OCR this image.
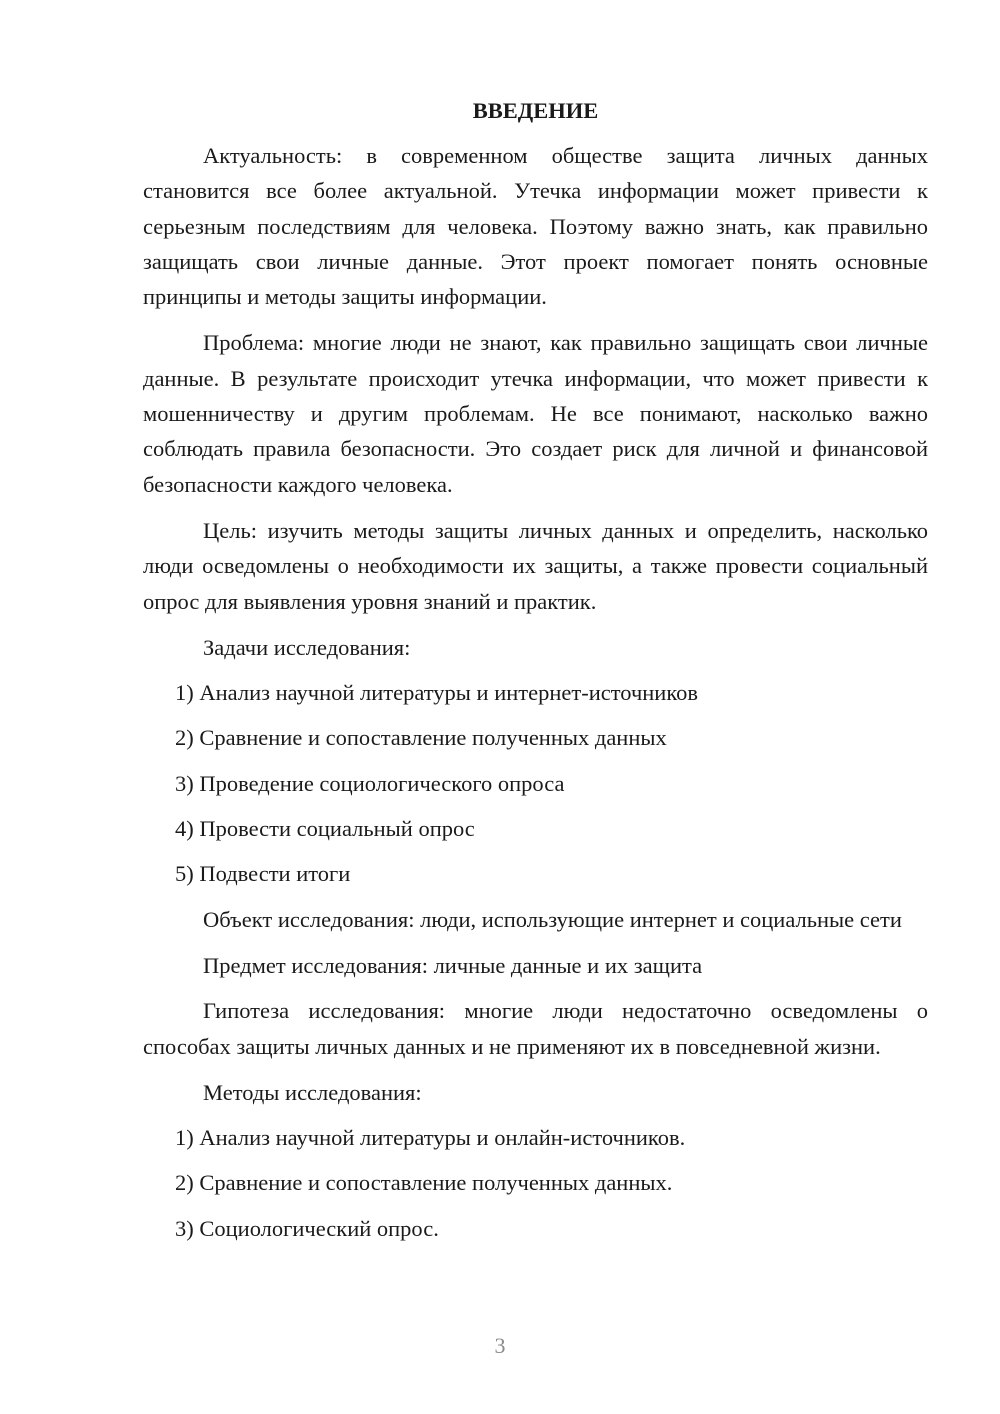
ВВЕДЕНИЕ

Актуальность: в современном обществе защита личных данных становится все более актуальной. Утечка информации может привести к серьезным последствиям для человека. Поэтому важно знать, как правильно защищать свои личные данные. Этот проект помогает понять основные принципы и методы защиты информации.

Проблема: многие люди не знают, как правильно защищать свои личные данные. В результате происходит утечка информации, что может привести к мошенничеству и другим проблемам. Не все понимают, насколько важно соблюдать правила безопасности. Это создает риск для личной и финансовой безопасности каждого человека.

Цель: изучить методы защиты личных данных и определить, насколько люди осведомлены о необходимости их защиты, а также провести социальный опрос для выявления уровня знаний и практик.

Задачи исследования:
1) Анализ научной литературы и интернет-источников
2) Сравнение и сопоставление полученных данных
3) Проведение социологического опроса
4) Провести социальный опрос
5) Подвести итоги

Объект исследования: люди, использующие интернет и социальные сети

Предмет исследования: личные данные и их защита

Гипотеза исследования: многие люди недостаточно осведомлены о способах защиты личных данных и не применяют их в повседневной жизни.

Методы исследования:
1) Анализ научной литературы и онлайн-источников.
2) Сравнение и сопоставление полученных данных.
3) Социологический опрос.
3
